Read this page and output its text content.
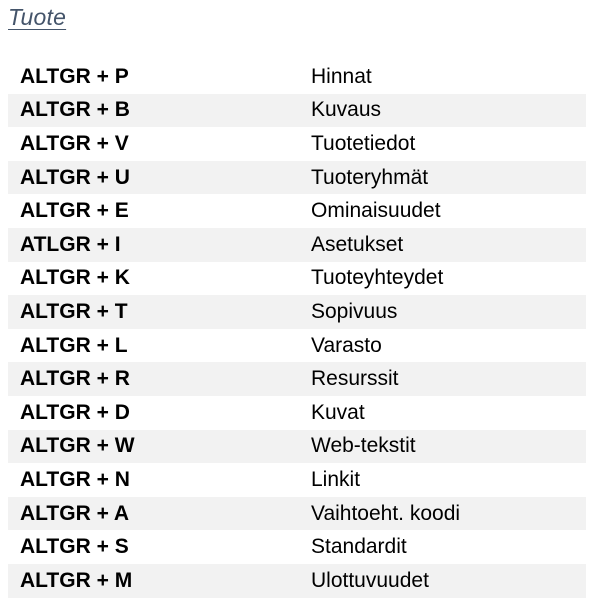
Tuote
ALTGR + P	Hinnat
ALTGR + B	Kuvaus
ALTGR + V	Tuotetiedot
ALTGR + U	Tuoteryhmät
ALTGR + E	Ominaisuudet
ATLGR + I	Asetukset
ALTGR + K	Tuoteyhteydet
ALTGR + T	Sopivuus
ALTGR + L	Varasto
ALTGR + R	Resurssit
ALTGR + D	Kuvat
ALTGR + W	Web-tekstit
ALTGR + N	Linkit
ALTGR + A	Vaihtoeht. koodi
ALTGR + S	Standardit
ALTGR + M	Ulottuvuudet
